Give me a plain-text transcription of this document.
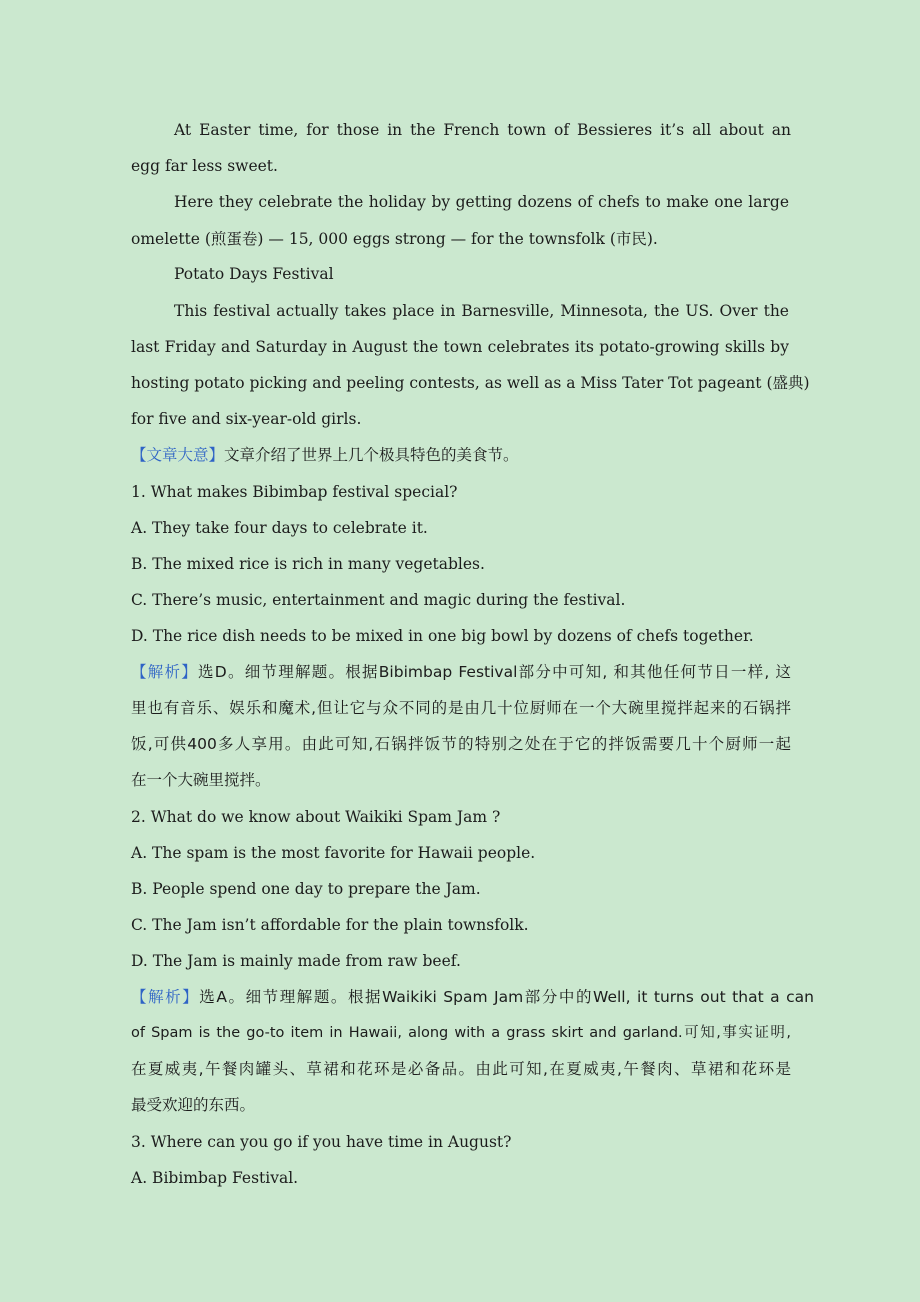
At Easter time, for those in the French town of Bessieres it’s all about an
egg far less sweet.
Here they celebrate the holiday by getting dozens of chefs to make one large
omelette (煎蛋卷) — 15, 000 eggs strong — for the townsfolk (市民).
Potato Days Festival
This festival actually takes place in Barnesville, Minnesota, the US. Over the
last Friday and Saturday in August the town celebrates its potato-growing skills by
hosting potato picking and peeling contests, as well as a Miss Tater Tot pageant (盛典)
for five and six-year-old girls.
【文章大意】文章介绍了世界上几个极具特色的美食节。
1. What makes Bibimbap festival special?
A. They take four days to celebrate it.
B. The mixed rice is rich in many vegetables.
C. There’s music, entertainment and magic during the festival.
D. The rice dish needs to be mixed in one big bowl by dozens of chefs together.
【解析】选D。细节理解题。根据Bibimbap Festival部分中可知, 和其他任何节日一样, 这
里也有音乐、娱乐和魔术,但让它与众不同的是由几十位厨师在一个大碗里搅拌起来的石锅拌
饭,可供400多人享用。由此可知,石锅拌饭节的特别之处在于它的拌饭需要几十个厨师一起
在一个大碗里搅拌。
2. What do we know about Waikiki Spam Jam ?
A. The spam is the most favorite for Hawaii people.
B. People spend one day to prepare the Jam.
C. The Jam isn’t affordable for the plain townsfolk.
D. The Jam is mainly made from raw beef.
【解析】选A。细节理解题。根据Waikiki Spam Jam部分中的Well, it turns out that a can
of Spam is the go-to item in Hawaii, along with a grass skirt and garland.可知,事实证明,
在夏威夷,午餐肉罐头、草裙和花环是必备品。由此可知,在夏威夷,午餐肉、草裙和花环是
最受欢迎的东西。
3. Where can you go if you have time in August?
A. Bibimbap Festival.
